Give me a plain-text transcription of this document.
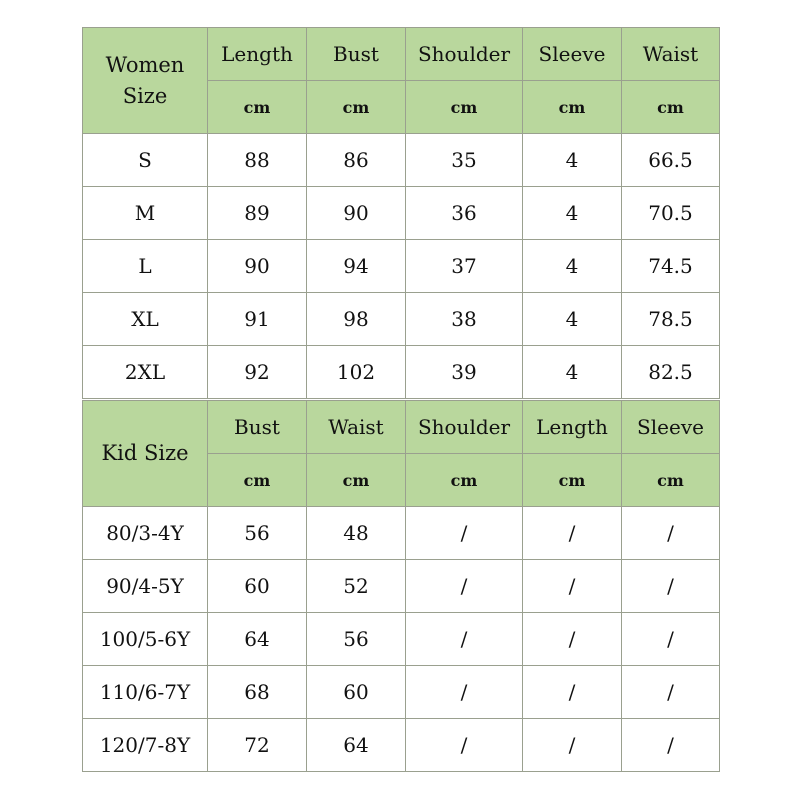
Women
Size	Length	Bust	Shoulder	Sleeve	Waist
	cm	cm	cm	cm	cm
S	88	86	35	4	66.5
M	89	90	36	4	70.5
L	90	94	37	4	74.5
XL	91	98	38	4	78.5
2XL	92	102	39	4	82.5
Kid Size	Bust	Waist	Shoulder	Length	Sleeve
	cm	cm	cm	cm	cm
80/3-4Y	56	48	/	/	/
90/4-5Y	60	52	/	/	/
100/5-6Y	64	56	/	/	/
110/6-7Y	68	60	/	/	/
120/7-8Y	72	64	/	/	/
